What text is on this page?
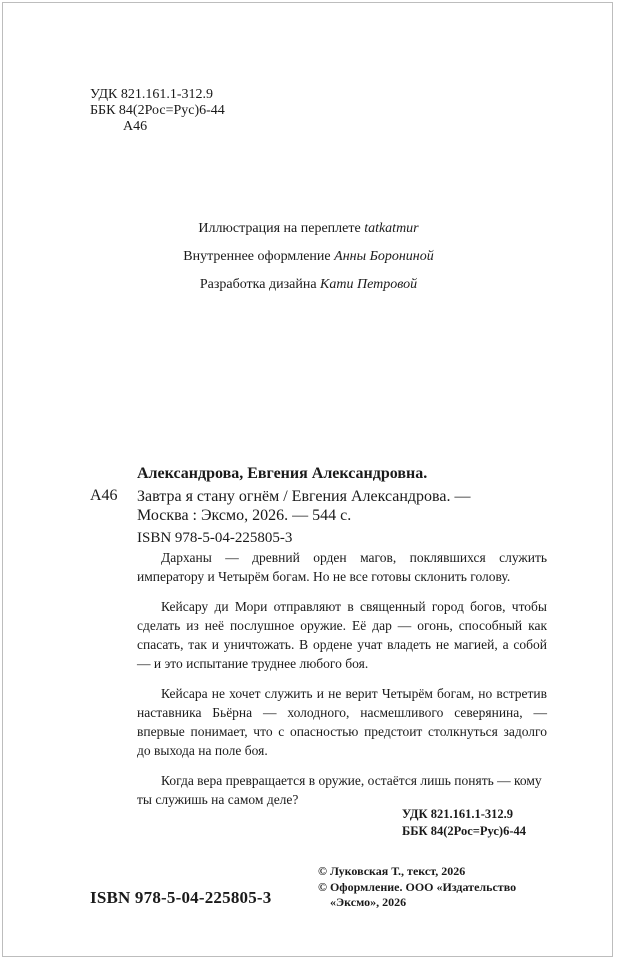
УДК 821.161.1-312.9
ББК 84(2Рос=Рус)6-44
А46
Иллюстрация на переплете tatkatmur
Внутреннее оформление Анны Борониной
Разработка дизайна Кати Петровой
Александрова, Евгения Александровна.
А46 Завтра я стану огнём / Евгения Александрова. —
Москва : Эксмо, 2026. — 544 с.
ISBN 978-5-04-225805-3

Дарханы — древний орден магов, поклявшихся служить императору и Четырём богам. Но не все готовы склонить голову.

Кейсару ди Мори отправляют в священный город богов, чтобы сделать из неё послушное оружие. Её дар — огонь, способный как спасать, так и уничтожать. В ордене учат владеть не магией, а собой — и это испытание труднее любого боя.

Кейсара не хочет служить и не верит Четырём богам, но встретив наставника Бьёрна — холодного, насмешливого северянина, — впервые понимает, что с опасностью предстоит столкнуться задолго до выхода на поле боя.

Когда вера превращается в оружие, остаётся лишь понять — кому ты служишь на самом деле?

УДК 821.161.1-312.9
ББК 84(2Рос=Рус)6-44
© Луковская Т., текст, 2026
© Оформление. ООО «Издательство
«Эксмо», 2026
ISBN 978-5-04-225805-3
